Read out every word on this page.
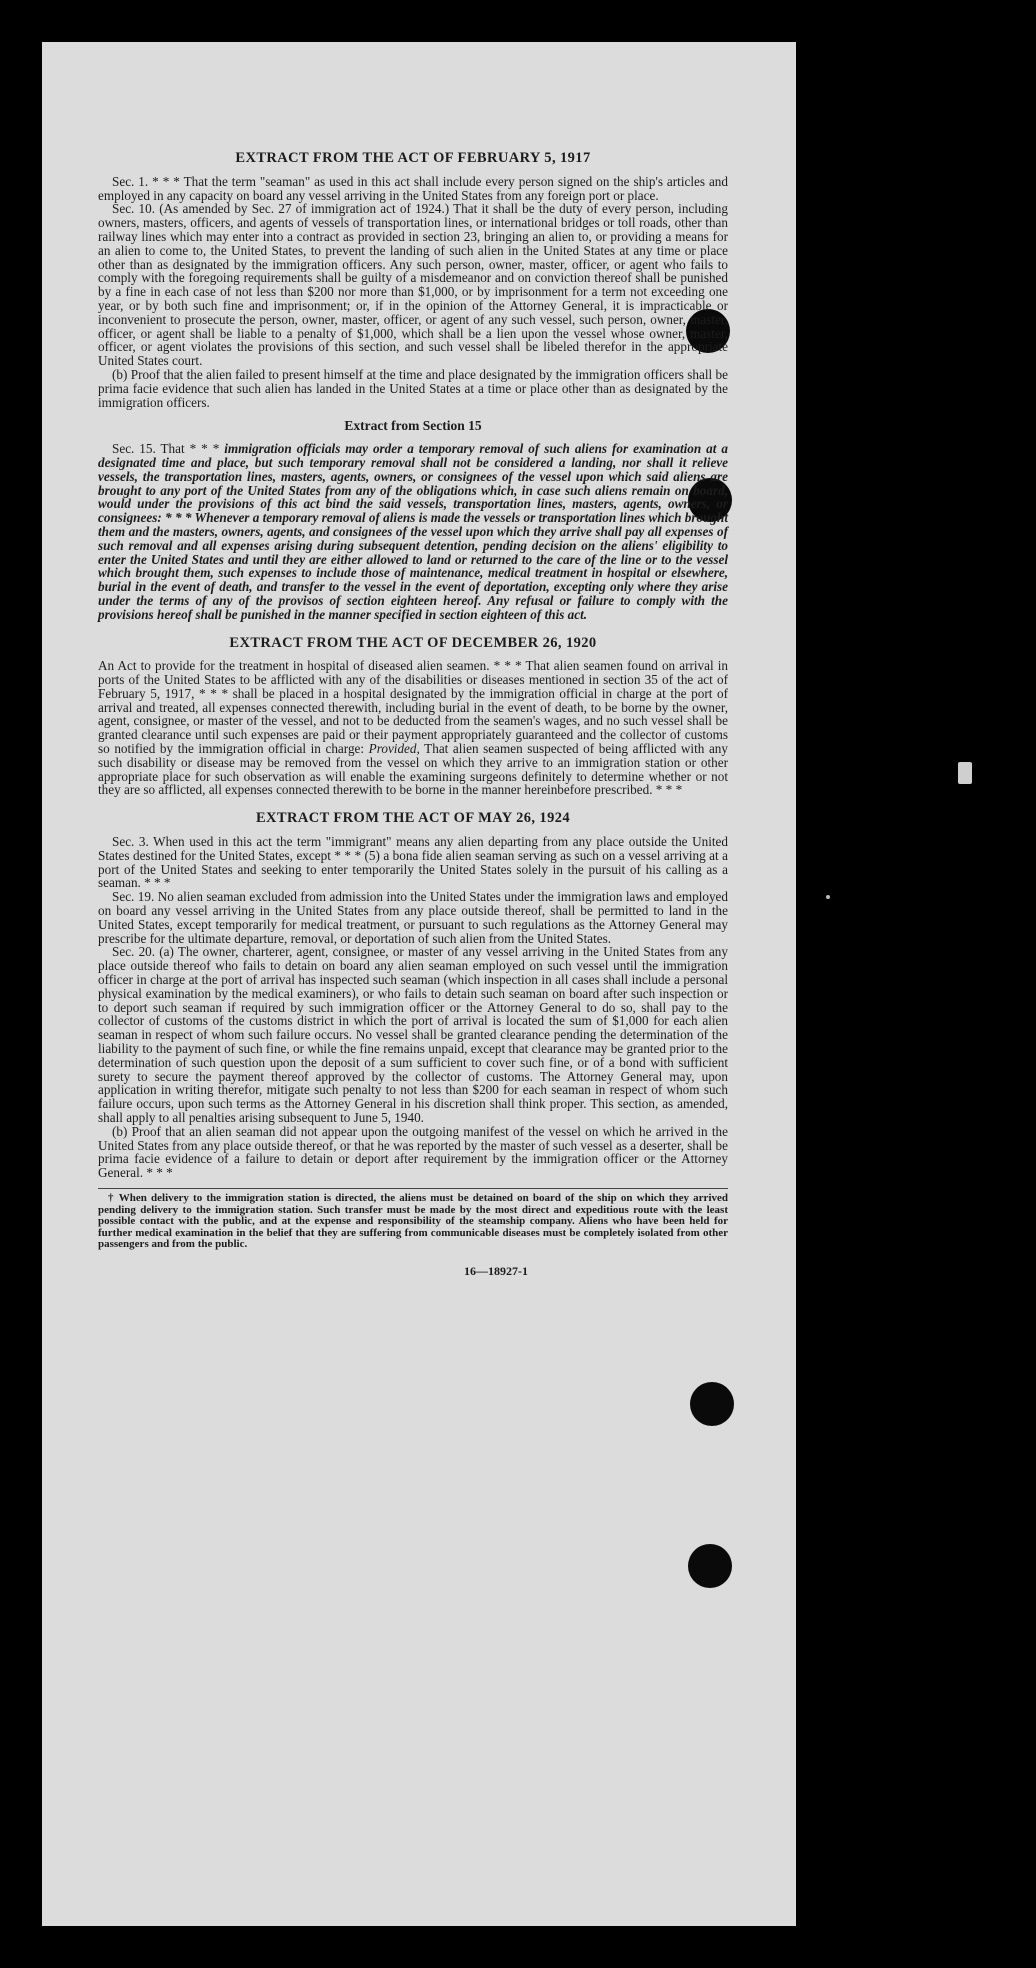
EXTRACT FROM THE ACT OF FEBRUARY 5, 1917

Sec. 1. * * * That the term "seaman" as used in this act shall include every person signed on the ship's articles and employed in any capacity on board any vessel arriving in the United States from any foreign port or place.

Sec. 10. (As amended by Sec. 27 of immigration act of 1924.) That it shall be the duty of every person, including owners, masters, officers, and agents of vessels of transportation lines, or international bridges or toll roads, other than railway lines which may enter into a contract as provided in section 23, bringing an alien to, or providing a means for an alien to come to, the United States, to prevent the landing of such alien in the United States at any time or place other than as designated by the immigration officers. Any such person, owner, master, officer, or agent who fails to comply with the foregoing requirements shall be guilty of a misdemeanor and on conviction thereof shall be punished by a fine in each case of not less than $200 nor more than $1,000, or by imprisonment for a term not exceeding one year, or by both such fine and imprisonment; or, if in the opinion of the Attorney General, it is impracticable or inconvenient to prosecute the person, owner, master, officer, or agent of any such vessel, such person, owner, master, officer, or agent shall be liable to a penalty of $1,000, which shall be a lien upon the vessel whose owner, master, officer, or agent violates the provisions of this section, and such vessel shall be libeled therefor in the appropriate United States court.

(b) Proof that the alien failed to present himself at the time and place designated by the immigration officers shall be prima facie evidence that such alien has landed in the United States at a time or place other than as designated by the immigration officers.

Extract from Section 15

Sec. 15. That * * * immigration officials may order a temporary removal of such aliens for examination at a designated time and place, but such temporary removal shall not be considered a landing, nor shall it relieve vessels, the transportation lines, masters, agents, owners, or consignees of the vessel upon which said aliens are brought to any port of the United States from any of the obligations which, in case such aliens remain on board, would under the provisions of this act bind the said vessels, transportation lines, masters, agents, owners, or consignees: * * * Whenever a temporary removal of aliens is made the vessels or transportation lines which brought them and the masters, owners, agents, and consignees of the vessel upon which they arrive shall pay all expenses of such removal and all expenses arising during subsequent detention, pending decision on the aliens' eligibility to enter the United States and until they are either allowed to land or returned to the care of the line or to the vessel which brought them, such expenses to include those of maintenance, medical treatment in hospital or elsewhere, burial in the event of death, and transfer to the vessel in the event of deportation, excepting only where they arise under the terms of any of the provisos of section eighteen hereof. Any refusal or failure to comply with the provisions hereof shall be punished in the manner specified in section eighteen of this act.

EXTRACT FROM THE ACT OF DECEMBER 26, 1920

An Act to provide for the treatment in hospital of diseased alien seamen. * * * That alien seamen found on arrival in ports of the United States to be afflicted with any of the disabilities or diseases mentioned in section 35 of the act of February 5, 1917, * * * shall be placed in a hospital designated by the immigration official in charge at the port of arrival and treated, all expenses connected therewith, including burial in the event of death, to be borne by the owner, agent, consignee, or master of the vessel, and not to be deducted from the seamen's wages, and no such vessel shall be granted clearance until such expenses are paid or their payment appropriately guaranteed and the collector of customs so notified by the immigration official in charge: Provided, That alien seamen suspected of being afflicted with any such disability or disease may be removed from the vessel on which they arrive to an immigration station or other appropriate place for such observation as will enable the examining surgeons definitely to determine whether or not they are so afflicted, all expenses connected therewith to be borne in the manner hereinbefore prescribed. * * *

EXTRACT FROM THE ACT OF MAY 26, 1924

Sec. 3. When used in this act the term "immigrant" means any alien departing from any place outside the United States destined for the United States, except * * * (5) a bona fide alien seaman serving as such on a vessel arriving at a port of the United States and seeking to enter temporarily the United States solely in the pursuit of his calling as a seaman. * * *

Sec. 19. No alien seaman excluded from admission into the United States under the immigration laws and employed on board any vessel arriving in the United States from any place outside thereof, shall be permitted to land in the United States, except temporarily for medical treatment, or pursuant to such regulations as the Attorney General may prescribe for the ultimate departure, removal, or deportation of such alien from the United States.

Sec. 20. (a) The owner, charterer, agent, consignee, or master of any vessel arriving in the United States from any place outside thereof who fails to detain on board any alien seaman employed on such vessel until the immigration officer in charge at the port of arrival has inspected such seaman (which inspection in all cases shall include a personal physical examination by the medical examiners), or who fails to detain such seaman on board after such inspection or to deport such seaman if required by such immigration officer or the Attorney General to do so, shall pay to the collector of customs of the customs district in which the port of arrival is located the sum of $1,000 for each alien seaman in respect of whom such failure occurs. No vessel shall be granted clearance pending the determination of the liability to the payment of such fine, or while the fine remains unpaid, except that clearance may be granted prior to the determination of such question upon the deposit of a sum sufficient to cover such fine, or of a bond with sufficient surety to secure the payment thereof approved by the collector of customs. The Attorney General may, upon application in writing therefor, mitigate such penalty to not less than $200 for each seaman in respect of whom such failure occurs, upon such terms as the Attorney General in his discretion shall think proper. This section, as amended, shall apply to all penalties arising subsequent to June 5, 1940.

(b) Proof that an alien seaman did not appear upon the outgoing manifest of the vessel on which he arrived in the United States from any place outside thereof, or that he was reported by the master of such vessel as a deserter, shall be prima facie evidence of a failure to detain or deport after requirement by the immigration officer or the Attorney General. * * *

† When delivery to the immigration station is directed, the aliens must be detained on board of the ship on which they arrived pending delivery to the immigration station. Such transfer must be made by the most direct and expeditious route with the least possible contact with the public, and at the expense and responsibility of the steamship company. Aliens who have been held for further medical examination in the belief that they are suffering from communicable diseases must be completely isolated from other passengers and from the public.
16—18927-1
